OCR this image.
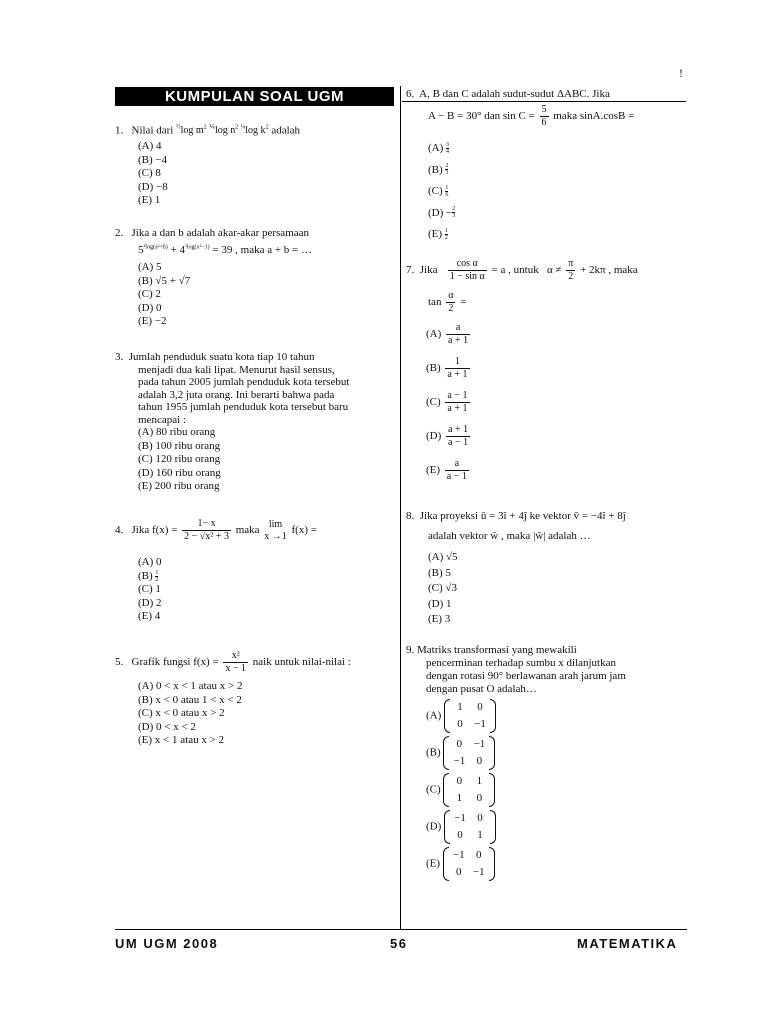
!
KUMPULAN SOAL UGM
1. Nilai dari $^{\frac{1}{2}}$log $m^2$ $^{\frac{1}{6}}$log $n^2$ $^{\frac{1}{8}}$log $k^2$ adalah
(A) 4
(B) −4
(C) 8
(D) −8
(E) 1
2. Jika a dan b adalah akar-akar persamaan
$5^{^3log(a^2+b)} + 4^{^2log(x^2-1)} = 39$ , maka a + b = …
(A) 5
(B) √5 + √7
(C) 2
(D) 0
(E) −2
3. Jumlah penduduk suatu kota tiap 10 tahun
menjadi dua kali lipat. Menurut hasil sensus,
pada tahun 2005 jumlah penduduk kota tersebut
adalah 3,2 juta orang. Ini berarti bahwa pada
tahun 1955 jumlah penduduk kota tersebut baru
mencapai :
(A) 80 ribu orang
(B) 100 ribu orang
(C) 120 ribu orang
(D) 160 ribu orang
(E) 200 ribu orang
4. Jika $f(x) = \frac{1- x}{\text{2 − √x² + 3}}$ maka
lim
x →1 f(x) =
(A) 0
$(B) \frac{1}{2}$
(C) 1
(D) 2
(E) 4
5. Grafik fungsi $f(x) = \frac{\text{x²}}{x - 1}$ naik untuk nilai-nilai :
(A) 0 < x < 1 atau x > 2
(B) x < 0 atau 1 < x < 2
(C) x < 0 atau x > 2
(D) 0 < x < 2
(E) x < 1 atau x > 2
6. A, B dan C adalah sudut-sudut ΔABC. Jika
A − B = 30° dan $\sin C = \frac{5}{6}$ maka sinA.cosB =
$(A) \frac{3}{4}$
$(B) \frac{2}{3}$
$(C) \frac{1}{6}$
$(D) - \frac{2}{3}$
$(E) \frac{1}{2}$
7. Jika $\frac{\text{cos α}}{\text{1 − sin α}} = a$ , untuk $\alpha \ne \frac{\pi}{2} + 2k\pi$ , maka
$\tan \frac{\alpha}{2}$ =
$(A) \frac{a}{a + 1}$
$(B) \frac{1}{a + 1}$
$(C) \frac{a - 1}{a + 1}$
$(D) \frac{a + 1}{a - 1}$
$(E) \frac{a}{a - 1}$
8. Jika proyeksi ū = 3î + 4ĵ ke vektor v̄ = −4î + 8ĵ
adalah vektor w̄ , maka |w̄| adalah …
(A) √5
(B) 5
(C) √3
(D) 1
(E) 3
9. Matriks transformasi yang mewakili
pencerminan terhadap sumbu x dilanjutkan
dengan rotasi 90° berlawanan arah jarum jam
dengan pusat O adalah…
(A)
1 0
0 −1
(B)
0 −1
−1 0
(C)
0 1
1 0
(D)
−1 0
0 1
(E)
−1 0
0 −1
UM UGM 2008	56	MATEMATIKA
